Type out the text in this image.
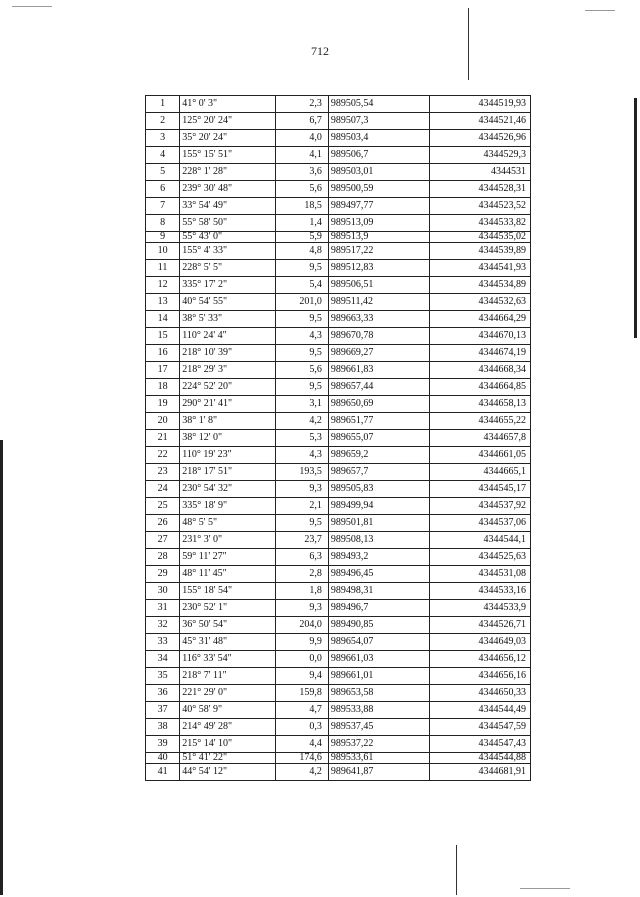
712
1	41° 0' 3"	2,3	989505,54	4344519,93
2	125° 20' 24"	6,7	989507,3	4344521,46
3	35° 20' 24"	4,0	989503,4	4344526,96
4	155° 15' 51"	4,1	989506,7	4344529,3
5	228° 1' 28"	3,6	989503,01	4344531
6	239° 30' 48"	5,6	989500,59	4344528,31
7	33° 54' 49"	18,5	989497,77	4344523,52
8	55° 58' 50"	1,4	989513,09	4344533,82
9	55° 43' 0"	5,9	989513,9	4344535,02
10	155° 4' 33"	4,8	989517,22	4344539,89
11	228° 5' 5"	9,5	989512,83	4344541,93
12	335° 17' 2"	5,4	989506,51	4344534,89
13	40° 54' 55"	201,0	989511,42	4344532,63
14	38° 5' 33"	9,5	989663,33	4344664,29
15	110° 24' 4"	4,3	989670,78	4344670,13
16	218° 10' 39"	9,5	989669,27	4344674,19
17	218° 29' 3"	5,6	989661,83	4344668,34
18	224° 52' 20"	9,5	989657,44	4344664,85
19	290° 21' 41"	3,1	989650,69	4344658,13
20	38° 1' 8"	4,2	989651,77	4344655,22
21	38° 12' 0"	5,3	989655,07	4344657,8
22	110° 19' 23"	4,3	989659,2	4344661,05
23	218° 17' 51"	193,5	989657,7	4344665,1
24	230° 54' 32"	9,3	989505,83	4344545,17
25	335° 18' 9"	2,1	989499,94	4344537,92
26	48° 5' 5"	9,5	989501,81	4344537,06
27	231° 3' 0"	23,7	989508,13	4344544,1
28	59° 11' 27"	6,3	989493,2	4344525,63
29	48° 11' 45"	2,8	989496,45	4344531,08
30	155° 18' 54"	1,8	989498,31	4344533,16
31	230° 52' 1"	9,3	989496,7	4344533,9
32	36° 50' 54"	204,0	989490,85	4344526,71
33	45° 31' 48"	9,9	989654,07	4344649,03
34	116° 33' 54"	0,0	989661,03	4344656,12
35	218° 7' 11"	9,4	989661,01	4344656,16
36	221° 29' 0"	159,8	989653,58	4344650,33
37	40° 58' 9"	4,7	989533,88	4344544,49
38	214° 49' 28"	0,3	989537,45	4344547,59
39	215° 14' 10"	4,4	989537,22	4344547,43
40	51° 41' 22"	174,6	989533,61	4344544,88
41	44° 54' 12"	4,2	989641,87	4344681,91
